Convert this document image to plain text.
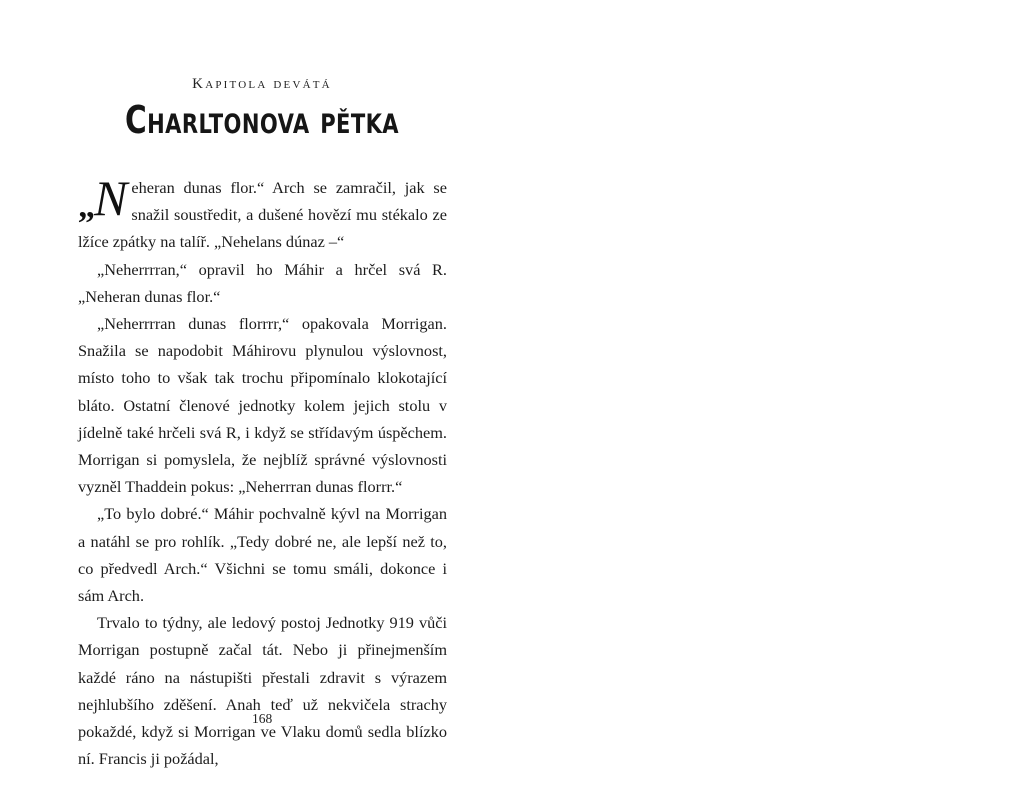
Kapitola devátá

Charltonova pětka

„N eheran dunas flor.“ Arch se zamračil, jak se snažil soustředit, a dušené hovězí mu stékalo ze lžíce zpátky na talíř. „Nehelans dúnaz –“

„Neherrrran,“ opravil ho Máhir a hrčel svá R. „Neheran dunas flor.“

„Neherrrran dunas florrrr,“ opakovala Morrigan. Snažila se napodobit Máhirovu plynulou výslovnost, místo toho to však tak trochu připomínalo klokotající bláto. Ostatní členové jednotky kolem jejich stolu v jídelně také hrčeli svá R, i když se střídavým úspěchem. Morrigan si pomyslela, že nejblíž správné výslovnosti vyzněl Thaddein pokus: „Neherrran dunas florrr.“

„To bylo dobré.“ Máhir pochvalně kývl na Morrigan a natáhl se pro rohlík. „Tedy dobré ne, ale lepší než to, co předvedl Arch.“ Všichni se tomu smáli, dokonce i sám Arch.

Trvalo to týdny, ale ledový postoj Jednotky 919 vůči Morrigan postupně začal tát. Nebo ji přinejmenším každé ráno na nástupišti přestali zdravit s výrazem nejhlubšího zděšení. Anah teď už nekvičela strachy pokaždé, když si Morrigan ve Vlaku domů sedla blízko ní. Francis ji požádal,

168
